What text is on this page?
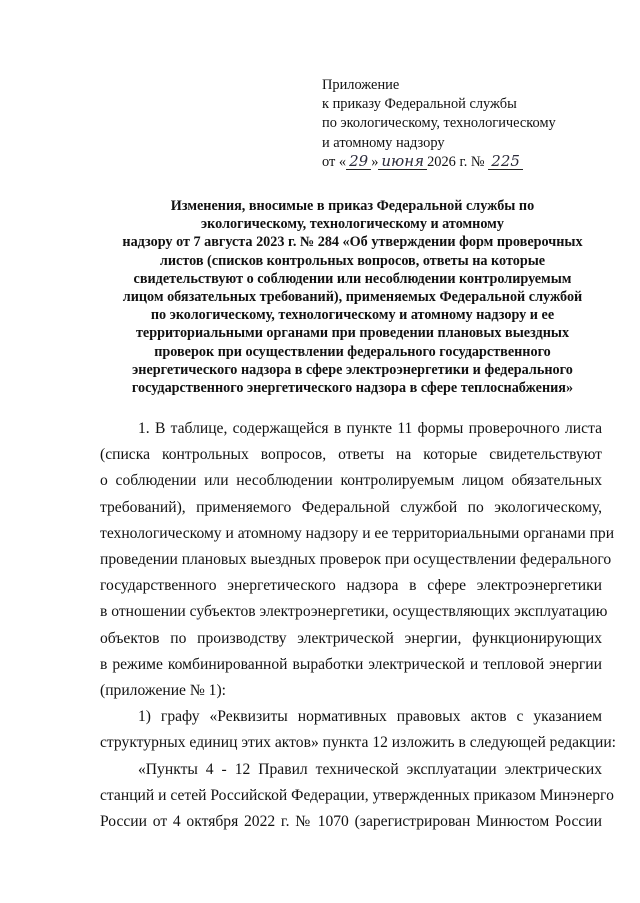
Приложение
к приказу Федеральной службы
по экологическому, технологическому
и атомному надзору
от « 29 » июня 2026 г. № 225
Изменения, вносимые в приказ Федеральной службы по
экологическому, технологическому и атомному
надзору от 7 августа 2023 г. № 284 «Об утверждении форм проверочных
листов (списков контрольных вопросов, ответы на которые
свидетельствуют о соблюдении или несоблюдении контролируемым
лицом обязательных требований), применяемых Федеральной службой
по экологическому, технологическому и атомному надзору и ее
территориальными органами при проведении плановых выездных
проверок при осуществлении федерального государственного
энергетического надзора в сфере электроэнергетики и федерального
государственного энергетического надзора в сфере теплоснабжения»
1. В таблице, содержащейся в пункте 11 формы проверочного листа
(списка контрольных вопросов, ответы на которые свидетельствуют
о соблюдении или несоблюдении контролируемым лицом обязательных
требований), применяемого Федеральной службой по экологическому,
технологическому и атомному надзору и ее территориальными органами при
проведении плановых выездных проверок при осуществлении федерального
государственного энергетического надзора в сфере электроэнергетики
в отношении субъектов электроэнергетики, осуществляющих эксплуатацию
объектов по производству электрической энергии, функционирующих
в режиме комбинированной выработки электрической и тепловой энергии
(приложение № 1):
1) графу «Реквизиты нормативных правовых актов с указанием
структурных единиц этих актов» пункта 12 изложить в следующей редакции:
«Пункты 4 - 12 Правил технической эксплуатации электрических
станций и сетей Российской Федерации, утвержденных приказом Минэнерго
России от 4 октября 2022 г. № 1070 (зарегистрирован Минюстом России
